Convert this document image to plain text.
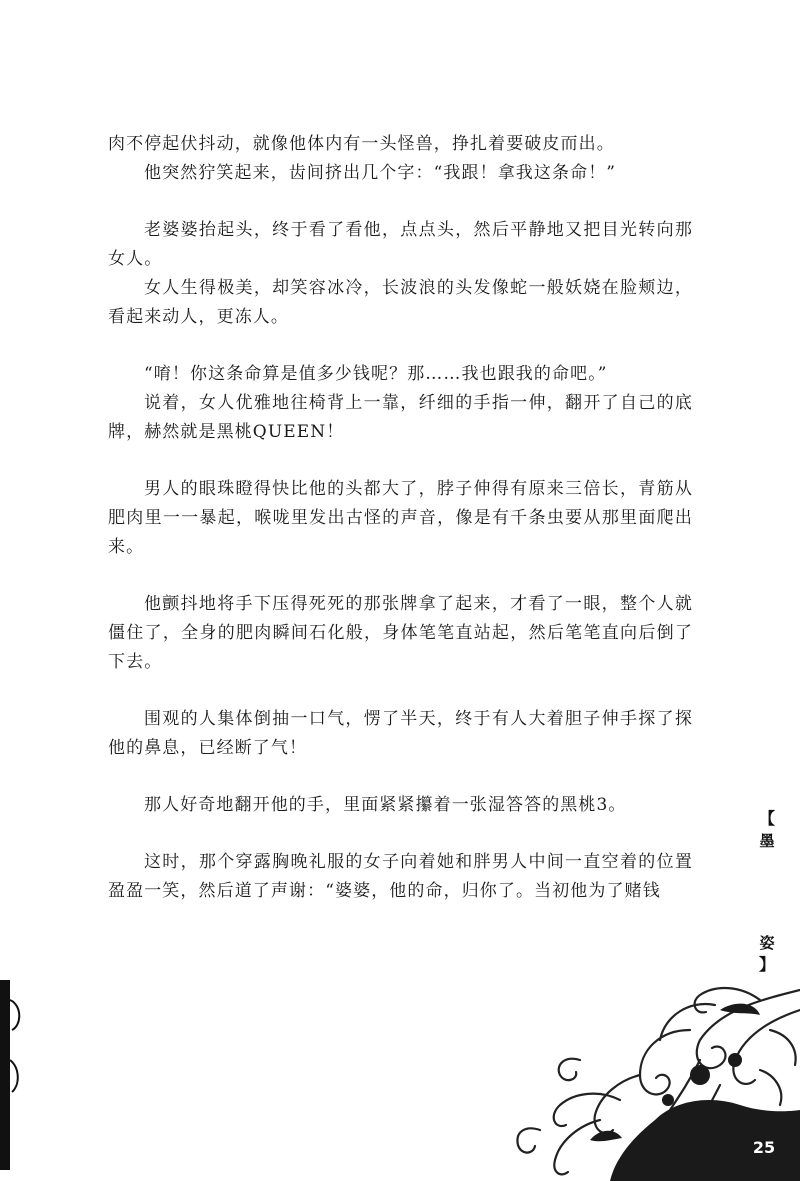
肉不停起伏抖动，就像他体内有一头怪兽，挣扎着要破皮而出。

他突然狞笑起来，齿间挤出几个字：“我跟！拿我这条命！”

老婆婆抬起头，终于看了看他，点点头，然后平静地又把目光转向那女人。

女人生得极美，却笑容冰冷，长波浪的头发像蛇一般妖娆在脸颊边，看起来动人，更冻人。

“唷！你这条命算是值多少钱呢？那……我也跟我的命吧。”

说着，女人优雅地往椅背上一靠，纤细的手指一伸，翻开了自己的底牌，赫然就是黑桃QUEEN！

男人的眼珠瞪得快比他的头都大了，脖子伸得有原来三倍长，青筋从肥肉里一一暴起，喉咙里发出古怪的声音，像是有千条虫要从那里面爬出来。

他颤抖地将手下压得死死的那张牌拿了起来，才看了一眼，整个人就僵住了，全身的肥肉瞬间石化般，身体笔笔直站起，然后笔笔直向后倒了下去。

围观的人集体倒抽一口气，愣了半天，终于有人大着胆子伸手探了探他的鼻息，已经断了气！

那人好奇地翻开他的手，里面紧紧攥着一张湿答答的黑桃3。

这时，那个穿露胸晚礼服的女子向着她和胖男人中间一直空着的位置盈盈一笑，然后道了声谢：“婆婆，他的命，归你了。当初他为了赌钱

【
墨
姿
】
25
